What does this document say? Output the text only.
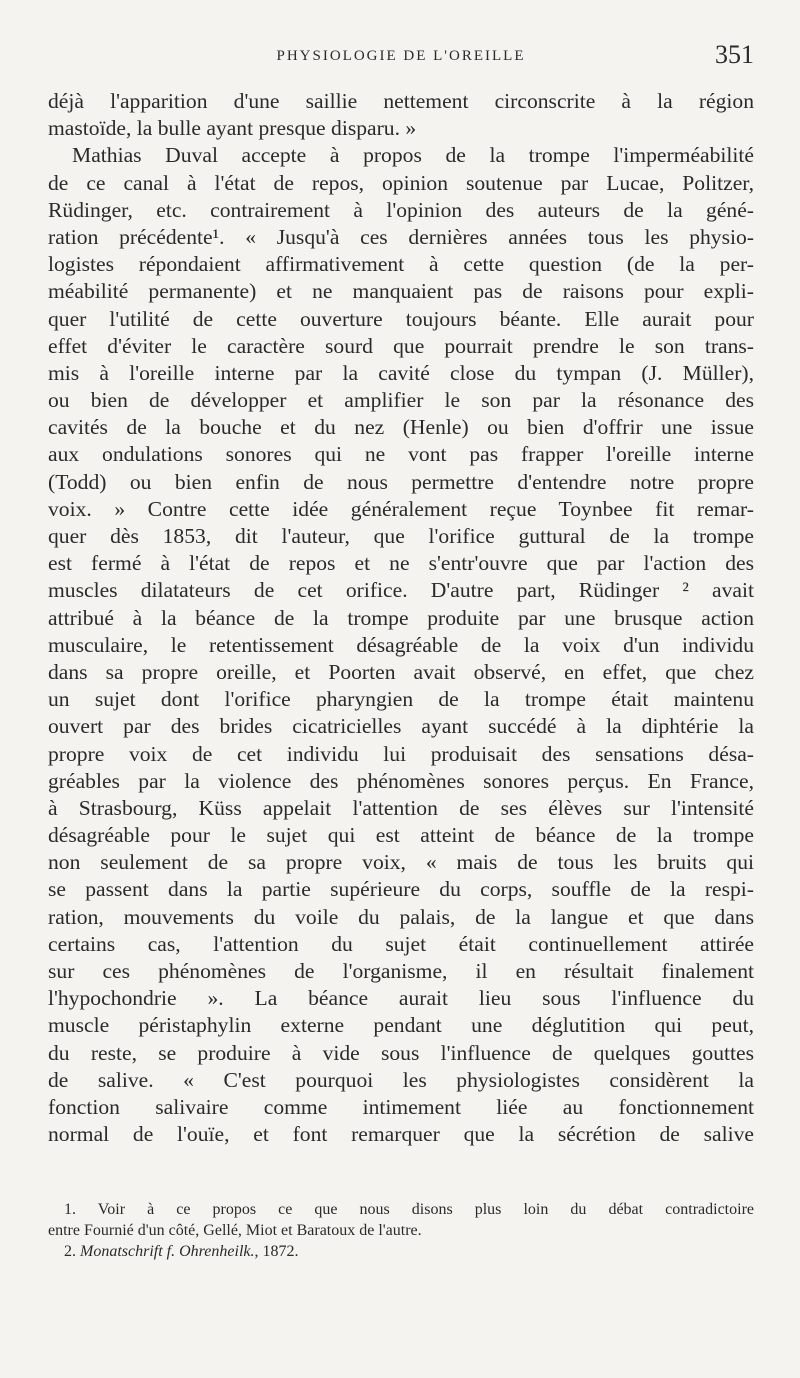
PHYSIOLOGIE DE L'OREILLE	351
déjà l'apparition d'une saillie nettement circonscrite à la région
mastoïde, la bulle ayant presque disparu. »
Mathias Duval accepte à propos de la trompe l'imperméabilité
de ce canal à l'état de repos, opinion soutenue par Lucae, Politzer,
Rüdinger, etc. contrairement à l'opinion des auteurs de la géné-
ration précédente¹. « Jusqu'à ces dernières années tous les physio-
logistes répondaient affirmativement à cette question (de la per-
méabilité permanente) et ne manquaient pas de raisons pour expli-
quer l'utilité de cette ouverture toujours béante. Elle aurait pour
effet d'éviter le caractère sourd que pourrait prendre le son trans-
mis à l'oreille interne par la cavité close du tympan (J. Müller),
ou bien de développer et amplifier le son par la résonance des
cavités de la bouche et du nez (Henle) ou bien d'offrir une issue
aux ondulations sonores qui ne vont pas frapper l'oreille interne
(Todd) ou bien enfin de nous permettre d'entendre notre propre
voix. » Contre cette idée généralement reçue Toynbee fit remar-
quer dès 1853, dit l'auteur, que l'orifice guttural de la trompe
est fermé à l'état de repos et ne s'entr'ouvre que par l'action des
muscles dilatateurs de cet orifice. D'autre part, Rüdinger ² avait
attribué à la béance de la trompe produite par une brusque action
musculaire, le retentissement désagréable de la voix d'un individu
dans sa propre oreille, et Poorten avait observé, en effet, que chez
un sujet dont l'orifice pharyngien de la trompe était maintenu
ouvert par des brides cicatricielles ayant succédé à la diphtérie la
propre voix de cet individu lui produisait des sensations désa-
gréables par la violence des phénomènes sonores perçus. En France,
à Strasbourg, Küss appelait l'attention de ses élèves sur l'intensité
désagréable pour le sujet qui est atteint de béance de la trompe
non seulement de sa propre voix, « mais de tous les bruits qui
se passent dans la partie supérieure du corps, souffle de la respi-
ration, mouvements du voile du palais, de la langue et que dans
certains cas, l'attention du sujet était continuellement attirée
sur ces phénomènes de l'organisme, il en résultait finalement
l'hypochondrie ». La béance aurait lieu sous l'influence du
muscle péristaphylin externe pendant une déglutition qui peut,
du reste, se produire à vide sous l'influence de quelques gouttes
de salive. « C'est pourquoi les physiologistes considèrent la
fonction salivaire comme intimement liée au fonctionnement
normal de l'ouïe, et font remarquer que la sécrétion de salive
1. Voir à ce propos ce que nous disons plus loin du débat contradictoire
entre Fournié d'un côté, Gellé, Miot et Baratoux de l'autre.
2. Monatschrift f. Ohrenheilk., 1872.
